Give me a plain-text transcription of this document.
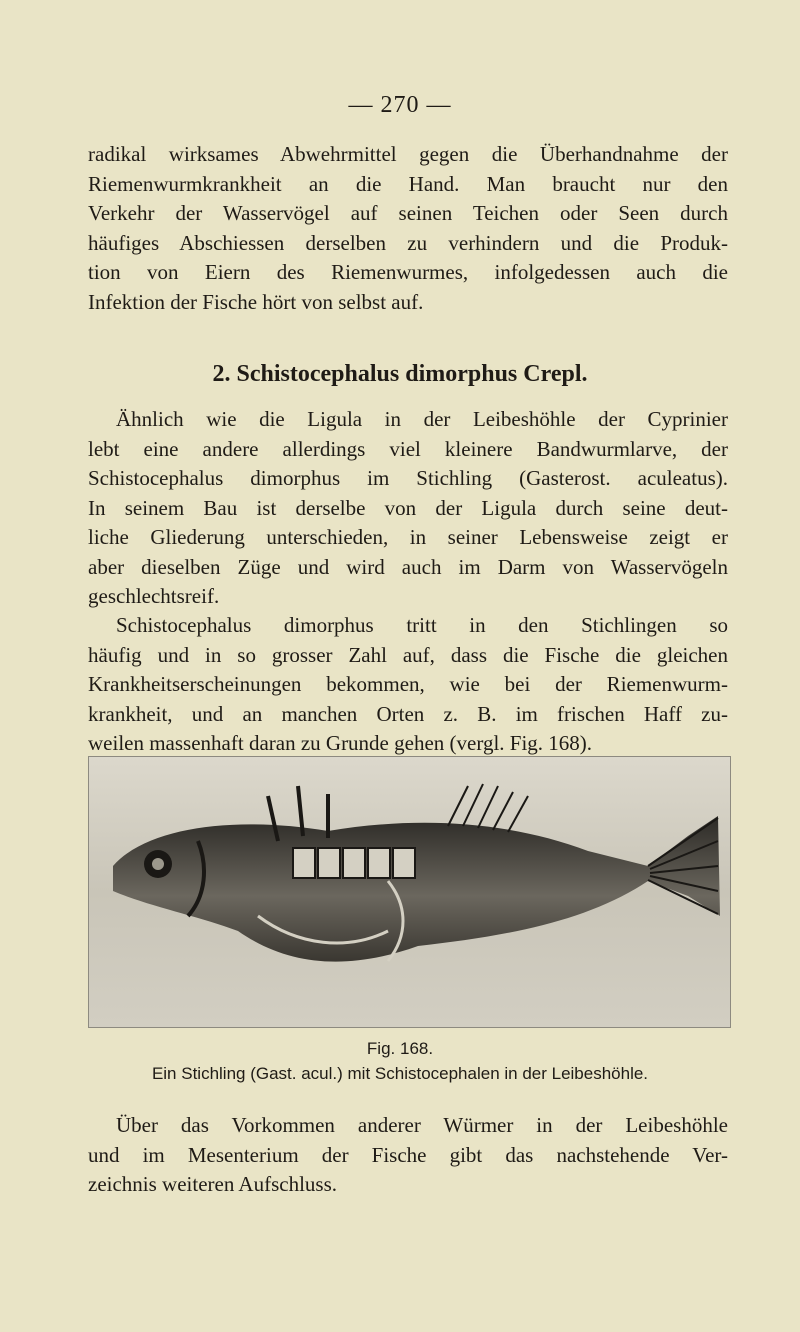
— 270 —
radikal wirksames Abwehrmittel gegen die Überhandnahme der
Riemenwurmkrankheit an die Hand. Man braucht nur den
Verkehr der Wasservögel auf seinen Teichen oder Seen durch
häufiges Abschiessen derselben zu verhindern und die Produk-
tion von Eiern des Riemenwurmes, infolgedessen auch die
Infektion der Fische hört von selbst auf.
2. Schistocephalus dimorphus Crepl.
Ähnlich wie die Ligula in der Leibeshöhle der Cyprinier
lebt eine andere allerdings viel kleinere Bandwurmlarve, der
Schistocephalus dimorphus im Stichling (Gasterost. aculeatus).
In seinem Bau ist derselbe von der Ligula durch seine deut-
liche Gliederung unterschieden, in seiner Lebensweise zeigt er
aber dieselben Züge und wird auch im Darm von Wasservögeln
geschlechtsreif.
Schistocephalus dimorphus tritt in den Stichlingen so
häufig und in so grosser Zahl auf, dass die Fische die gleichen
Krankheitserscheinungen bekommen, wie bei der Riemenwurm-
krankheit, und an manchen Orten z. B. im frischen Haff zu-
weilen massenhaft daran zu Grunde gehen (vergl. Fig. 168).
Fig. 168.
Ein Stichling (Gast. acul.) mit Schistocephalen in der Leibeshöhle.
Über das Vorkommen anderer Würmer in der Leibeshöhle
und im Mesenterium der Fische gibt das nachstehende Ver-
zeichnis weiteren Aufschluss.
